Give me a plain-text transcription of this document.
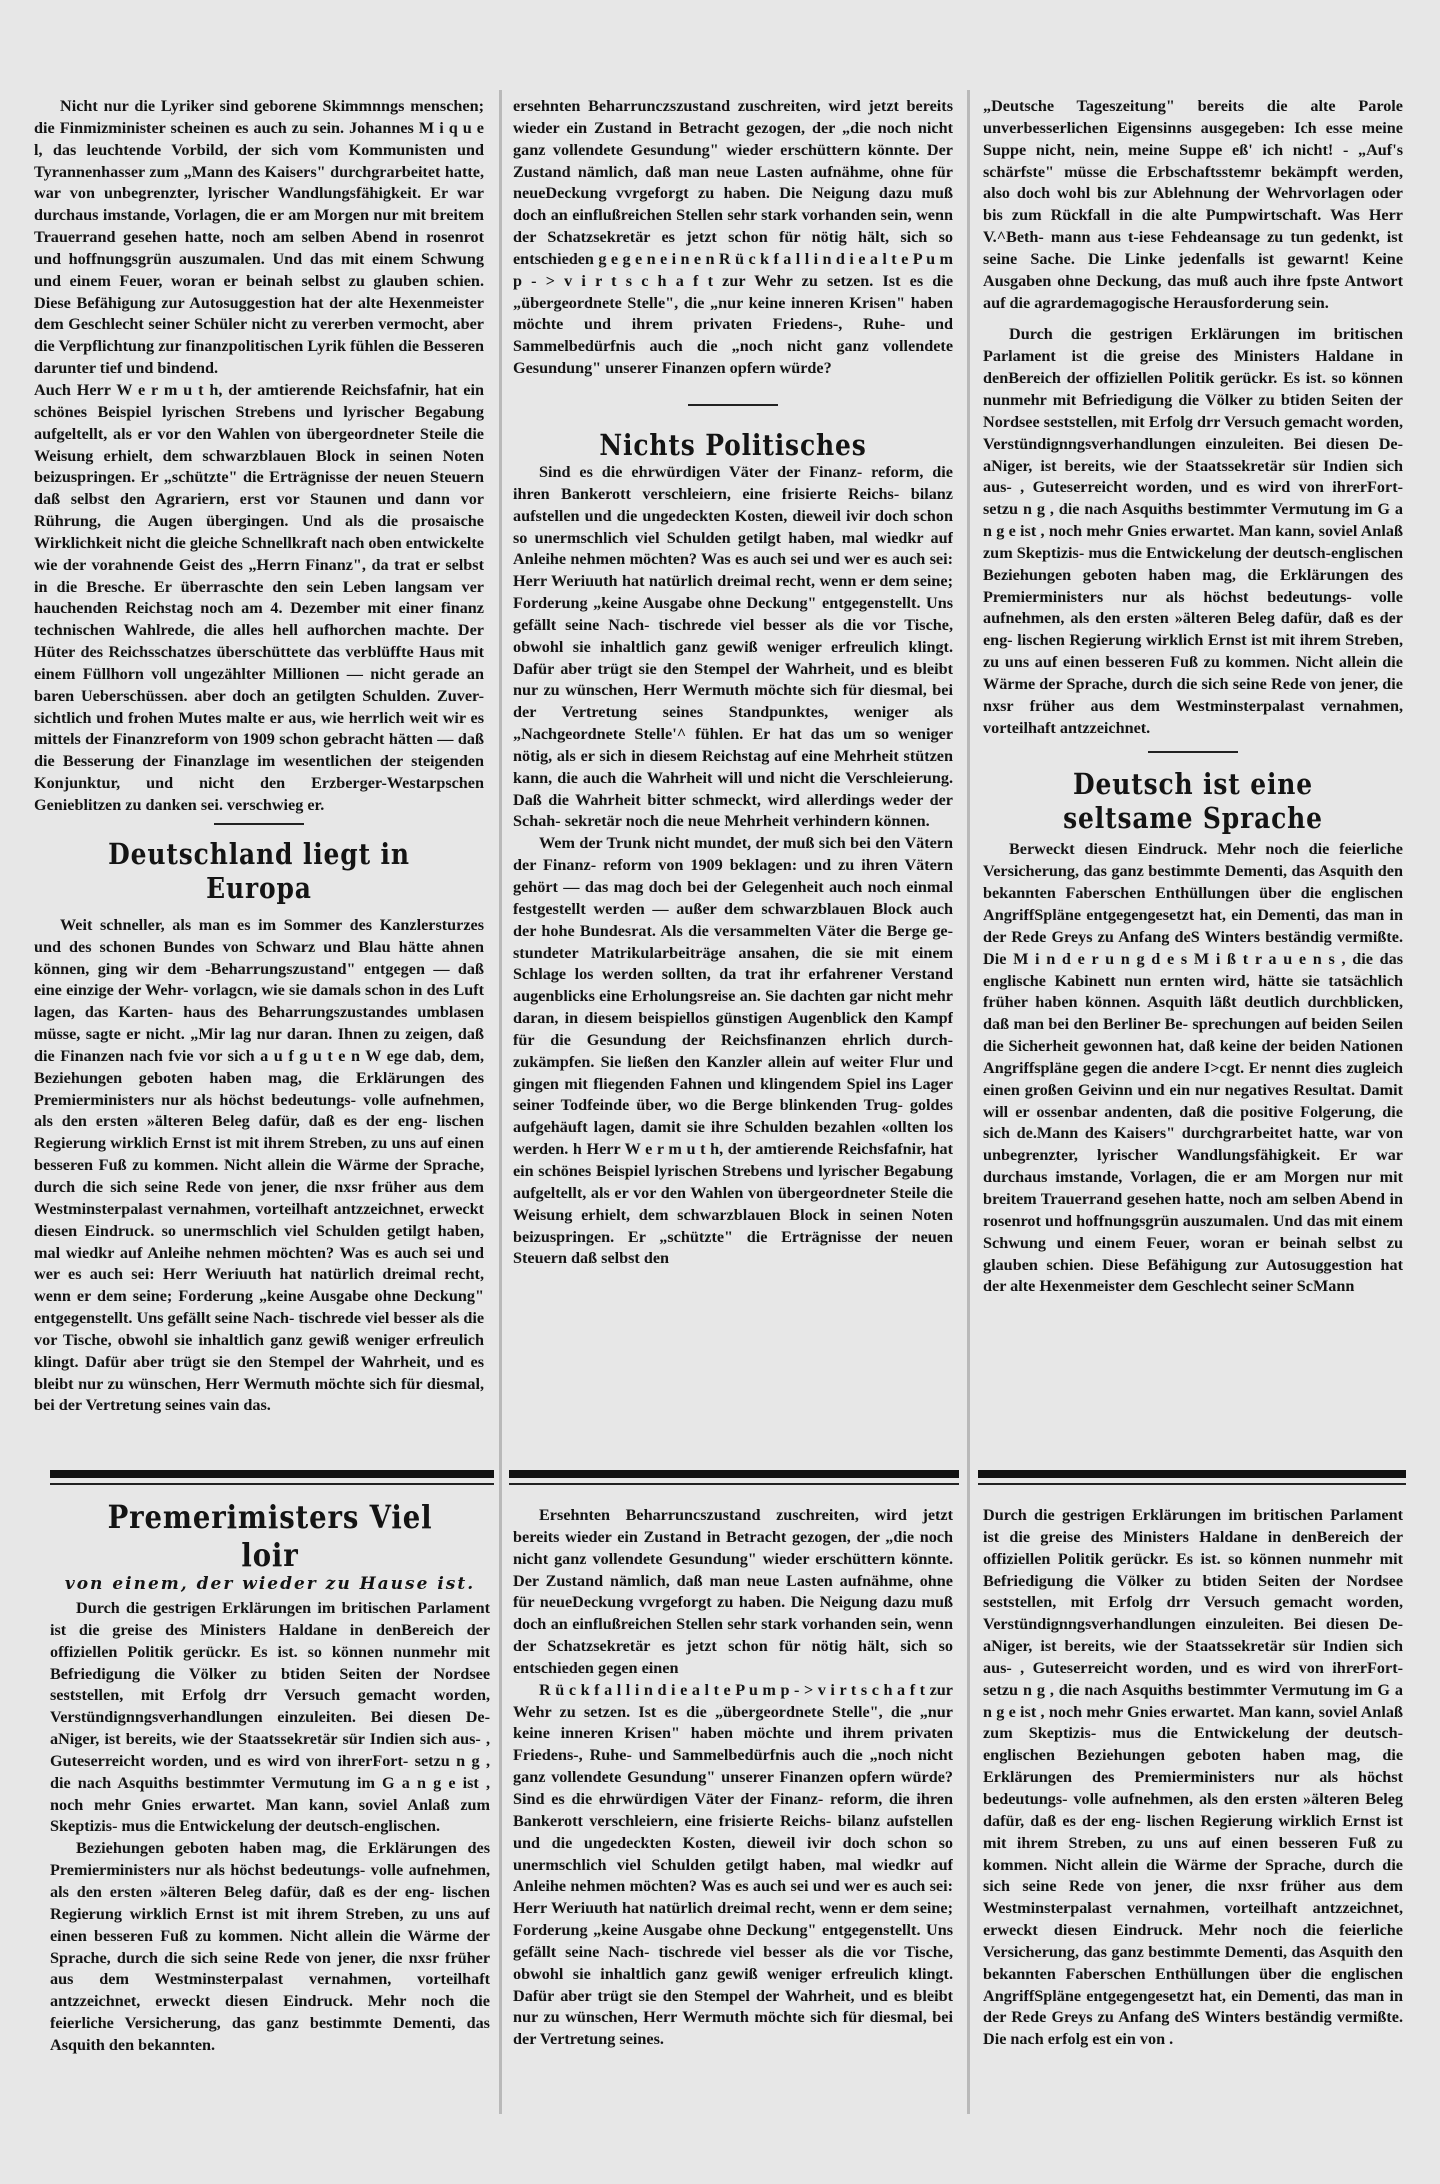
Nicht nur die Lyriker sind geborene Skimmnngs menschen; die Finmizminister scheinen es auch zu sein. Johannes M i q u e l, das leuchtende Vorbild, der sich vom Kommunisten und Tyrannenhasser zum „Mann des Kaisers" durchgrarbeitet hatte, war von unbegrenzter, lyrischer Wandlungsfähigkeit. Er war durchaus imstande, Vorlagen, die er am Morgen nur mit breitem Trauerrand gesehen hatte, noch am selben Abend in rosenrot und hoffnungsgrün auszumalen. Und das mit einem Schwung und einem Feuer, woran er beinah selbst zu glauben schien. Diese Befähigung zur Autosuggestion hat der alte Hexenmeister dem Geschlecht seiner Schüler nicht zu vererben vermocht, aber die Verpflichtung zur finanzpolitischen Lyrik fühlen die Besseren darunter tief und bindend.

Auch Herr W e r m u t h, der amtierende Reichsfafnir, hat ein schönes Beispiel lyrischen Strebens und lyrischer Begabung aufgeltellt, als er vor den Wahlen von übergeordneter Steile die Weisung erhielt, dem schwarzblauen Block in seinen Noten beizuspringen. Er „schützte" die Erträgnisse der neuen Steuern daß selbst den Agrariern, erst vor Staunen und dann vor Rührung, die Augen übergingen. Und als die prosaische Wirklichkeit nicht die gleiche Schnellkraft nach oben entwickelte wie der vorahnende Geist des „Herrn Finanz", da trat er selbst in die Bresche. Er überraschte den sein Leben langsam ver hauchenden Reichstag noch am 4. Dezember mit einer finanz technischen Wahlrede, die alles hell aufhorchen machte. Der Hüter des Reichsschatzes überschüttete das verblüffte Haus mit einem Füllhorn voll ungezählter Millionen — nicht gerade an baren Ueberschüssen. aber doch an getilgten Schulden. Zuver- sichtlich und frohen Mutes malte er aus, wie herrlich weit wir es mittels der Finanzreform von 1909 schon gebracht hätten — daß die Besserung der Finanzlage im wesentlichen der steigenden Konjunktur, und nicht den Erzberger-Westarpschen Genieblitzen zu danken sei. verschwieg er.

Deutschland liegt in Europa

Weit schneller, als man es im Sommer des Kanzlersturzes und des schonen Bundes von Schwarz und Blau hätte ahnen können, ging wir dem -Beharrungszustand" entgegen — daß eine einzige der Wehr- vorlagcn, wie sie damals schon in des Luft lagen, das Karten- haus des Beharrungszustandes umblasen müsse, sagte er nicht. „Mir lag nur daran. Ihnen zu zeigen, daß die Finanzen nach fvie vor sich a u f g u t e n W ege dab, dem, Beziehungen geboten haben mag, die Erklärungen des Premierministers nur als höchst bedeutungs- volle aufnehmen, als den ersten »älteren Beleg dafür, daß es der eng- lischen Regierung wirklich Ernst ist mit ihrem Streben, zu uns auf einen besseren Fuß zu kommen. Nicht allein die Wärme der Sprache, durch die sich seine Rede von jener, die nxsr früher aus dem Westminsterpalast vernahmen, vorteilhaft antzzeichnet, erweckt diesen Eindruck. so unermschlich viel Schulden getilgt haben, mal wiedkr auf Anleihe nehmen möchten? Was es auch sei und wer es auch sei: Herr Weriuuth hat natürlich dreimal recht, wenn er dem seine; Forderung „keine Ausgabe ohne Deckung" entgegenstellt. Uns gefällt seine Nach- tischrede viel besser als die vor Tische, obwohl sie inhaltlich ganz gewiß weniger erfreulich klingt. Dafür aber trügt sie den Stempel der Wahrheit, und es bleibt nur zu wünschen, Herr Wermuth möchte sich für diesmal, bei der Vertretung seines vain das.

ersehnten Beharrunczszustand zuschreiten, wird jetzt bereits wieder ein Zustand in Betracht gezogen, der „die noch nicht ganz vollendete Gesundung" wieder erschüttern könnte. Der Zustand nämlich, daß man neue Lasten aufnähme, ohne für neueDeckung vvrgeforgt zu haben. Die Neigung dazu muß doch an einflußreichen Stellen sehr stark vorhanden sein, wenn der Schatzsekretär es jetzt schon für nötig hält, sich so entschieden g e g e n e i n e n R ü c k f a l l i n d i e a l t e P u m p - > v i r t s c h a f t zur Wehr zu setzen. Ist es die „übergeordnete Stelle", die „nur keine inneren Krisen" haben möchte und ihrem privaten Friedens-, Ruhe- und Sammelbedürfnis auch die „noch nicht ganz vollendete Gesundung" unserer Finanzen opfern würde?

Nichts Politisches

Sind es die ehrwürdigen Väter der Finanz- reform, die ihren Bankerott verschleiern, eine frisierte Reichs- bilanz aufstellen und die ungedeckten Kosten, dieweil ivir doch schon so unermschlich viel Schulden getilgt haben, mal wiedkr auf Anleihe nehmen möchten? Was es auch sei und wer es auch sei: Herr Weriuuth hat natürlich dreimal recht, wenn er dem seine; Forderung „keine Ausgabe ohne Deckung" entgegenstellt. Uns gefällt seine Nach- tischrede viel besser als die vor Tische, obwohl sie inhaltlich ganz gewiß weniger erfreulich klingt. Dafür aber trügt sie den Stempel der Wahrheit, und es bleibt nur zu wünschen, Herr Wermuth möchte sich für diesmal, bei der Vertretung seines Standpunktes, weniger als „Nachgeordnete Stelle'^ fühlen. Er hat das um so weniger nötig, als er sich in diesem Reichstag auf eine Mehrheit stützen kann, die auch die Wahrheit will und nicht die Verschleierung. Daß die Wahrheit bitter schmeckt, wird allerdings weder der Schah- sekretär noch die neue Mehrheit verhindern können.

Wem der Trunk nicht mundet, der muß sich bei den Vätern der Finanz- reform von 1909 beklagen: und zu ihren Vätern gehört — das mag doch bei der Gelegenheit auch noch einmal festgestellt werden — außer dem schwarzblauen Block auch der hohe Bundesrat. Als die versammelten Väter die Berge ge- stundeter Matrikularbeiträge ansahen, die sie mit einem Schlage los werden sollten, da trat ihr erfahrener Verstand augenblicks eine Erholungsreise an. Sie dachten gar nicht mehr daran, in diesem beispiellos günstigen Augenblick den Kampf für die Gesundung der Reichsfinanzen ehrlich durch- zukämpfen. Sie ließen den Kanzler allein auf weiter Flur und gingen mit fliegenden Fahnen und klingendem Spiel ins Lager seiner Todfeinde über, wo die Berge blinkenden Trug- goldes aufgehäuft lagen, damit sie ihre Schulden bezahlen «ollten los werden. h Herr W e r m u t h, der amtierende Reichsfafnir, hat ein schönes Beispiel lyrischen Strebens und lyrischer Begabung aufgeltellt, als er vor den Wahlen von übergeordneter Steile die Weisung erhielt, dem schwarzblauen Block in seinen Noten beizuspringen. Er „schützte" die Erträgnisse der neuen Steuern daß selbst den

„Deutsche Tageszeitung" bereits die alte Parole unverbesserlichen Eigensinns ausgegeben: Ich esse meine Suppe nicht, nein, meine Suppe eß' ich nicht! - „Auf's schärfste" müsse die Erbschaftsstemr bekämpft werden, also doch wohl bis zur Ablehnung der Wehrvorlagen oder bis zum Rückfall in die alte Pumpwirtschaft. Was Herr V.^Beth- mann aus t-iese Fehdeansage zu tun gedenkt, ist seine Sache. Die Linke jedenfalls ist gewarnt! Keine Ausgaben ohne Deckung, das muß auch ihre fpste Antwort auf die agrardemagogische Herausforderung sein.

Durch die gestrigen Erklärungen im britischen Parlament ist die greise des Ministers Haldane in denBereich der offiziellen Politik gerückr. Es ist. so können nunmehr mit Befriedigung die Völker zu btiden Seiten der Nordsee seststellen, mit Erfolg drr Versuch gemacht worden, Verstündignngsverhandlungen einzuleiten. Bei diesen De- aNiger, ist bereits, wie der Staatssekretär sür Indien sich aus- , Guteserreicht worden, und es wird von ihrerFort- setzu n g , die nach Asquiths bestimmter Vermutung im G a n g e ist , noch mehr Gnies erwartet. Man kann, soviel Anlaß zum Skeptizis- mus die Entwickelung der deutsch-englischen Beziehungen geboten haben mag, die Erklärungen des Premierministers nur als höchst bedeutungs- volle aufnehmen, als den ersten »älteren Beleg dafür, daß es der eng- lischen Regierung wirklich Ernst ist mit ihrem Streben, zu uns auf einen besseren Fuß zu kommen. Nicht allein die Wärme der Sprache, durch die sich seine Rede von jener, die nxsr früher aus dem Westminsterpalast vernahmen, vorteilhaft antzzeichnet.

Deutsch ist eine seltsame Sprache

Berweckt diesen Eindruck. Mehr noch die feierliche Versicherung, das ganz bestimmte Dementi, das Asquith den bekannten Faberschen Enthüllungen über die englischen AngriffSpläne entgegengesetzt hat, ein Dementi, das man in der Rede Greys zu Anfang deS Winters beständig vermißte. Die M i n d e r u n g d e s M i ß t r a u e n s , die das englische Kabinett nun ernten wird, hätte sie tatsächlich früher haben können. Asquith läßt deutlich durchblicken, daß man bei den Berliner Be- sprechungen auf beiden Seilen die Sicherheit gewonnen hat, daß keine der beiden Nationen Angriffspläne gegen die andere I>cgt. Er nennt dies zugleich einen großen Geivinn und ein nur negatives Resultat. Damit will er ossenbar andenten, daß die positive Folgerung, die sich de.Mann des Kaisers" durchgrarbeitet hatte, war von unbegrenzter, lyrischer Wandlungsfähigkeit. Er war durchaus imstande, Vorlagen, die er am Morgen nur mit breitem Trauerrand gesehen hatte, noch am selben Abend in rosenrot und hoffnungsgrün auszumalen. Und das mit einem Schwung und einem Feuer, woran er beinah selbst zu glauben schien. Diese Befähigung zur Autosuggestion hat der alte Hexenmeister dem Geschlecht seiner ScMann

Premerimisters Viel loir
von einem, der wieder zu Hause ist.

Durch die gestrigen Erklärungen im britischen Parlament ist die greise des Ministers Haldane in denBereich der offiziellen Politik gerückr. Es ist. so können nunmehr mit Befriedigung die Völker zu btiden Seiten der Nordsee seststellen, mit Erfolg drr Versuch gemacht worden, Verstündignngsverhandlungen einzuleiten. Bei diesen De- aNiger, ist bereits, wie der Staatssekretär sür Indien sich aus- , Guteserreicht worden, und es wird von ihrerFort- setzu n g , die nach Asquiths bestimmter Vermutung im G a n g e ist , noch mehr Gnies erwartet. Man kann, soviel Anlaß zum Skeptizis- mus die Entwickelung der deutsch-englischen.

Beziehungen geboten haben mag, die Erklärungen des Premierministers nur als höchst bedeutungs- volle aufnehmen, als den ersten »älteren Beleg dafür, daß es der eng- lischen Regierung wirklich Ernst ist mit ihrem Streben, zu uns auf einen besseren Fuß zu kommen. Nicht allein die Wärme der Sprache, durch die sich seine Rede von jener, die nxsr früher aus dem Westminsterpalast vernahmen, vorteilhaft antzzeichnet, erweckt diesen Eindruck. Mehr noch die feierliche Versicherung, das ganz bestimmte Dementi, das Asquith den bekannten.

Ersehnten Beharruncszustand zuschreiten, wird jetzt bereits wieder ein Zustand in Betracht gezogen, der „die noch nicht ganz vollendete Gesundung" wieder erschüttern könnte. Der Zustand nämlich, daß man neue Lasten aufnähme, ohne für neueDeckung vvrgeforgt zu haben. Die Neigung dazu muß doch an einflußreichen Stellen sehr stark vorhanden sein, wenn der Schatzsekretär es jetzt schon für nötig hält, sich so entschieden gegen einen

R ü c k f a l l i n d i e a l t e P u m p - > v i r t s c h a f t zur Wehr zu setzen. Ist es die „übergeordnete Stelle", die „nur keine inneren Krisen" haben möchte und ihrem privaten Friedens-, Ruhe- und Sammelbedürfnis auch die „noch nicht ganz vollendete Gesundung" unserer Finanzen opfern würde? Sind es die ehrwürdigen Väter der Finanz- reform, die ihren Bankerott verschleiern, eine frisierte Reichs- bilanz aufstellen und die ungedeckten Kosten, dieweil ivir doch schon so unermschlich viel Schulden getilgt haben, mal wiedkr auf Anleihe nehmen möchten? Was es auch sei und wer es auch sei: Herr Weriuuth hat natürlich dreimal recht, wenn er dem seine; Forderung „keine Ausgabe ohne Deckung" entgegenstellt. Uns gefällt seine Nach- tischrede viel besser als die vor Tische, obwohl sie inhaltlich ganz gewiß weniger erfreulich klingt. Dafür aber trügt sie den Stempel der Wahrheit, und es bleibt nur zu wünschen, Herr Wermuth möchte sich für diesmal, bei der Vertretung seines.

Durch die gestrigen Erklärungen im britischen Parlament ist die greise des Ministers Haldane in denBereich der offiziellen Politik gerückr. Es ist. so können nunmehr mit Befriedigung die Völker zu btiden Seiten der Nordsee seststellen, mit Erfolg drr Versuch gemacht worden, Verstündignngsverhandlungen einzuleiten. Bei diesen De- aNiger, ist bereits, wie der Staatssekretär sür Indien sich aus- , Guteserreicht worden, und es wird von ihrerFort- setzu n g , die nach Asquiths bestimmter Vermutung im G a n g e ist , noch mehr Gnies erwartet. Man kann, soviel Anlaß zum Skeptizis- mus die Entwickelung der deutsch- englischen Beziehungen geboten haben mag, die Erklärungen des Premierministers nur als höchst bedeutungs- volle aufnehmen, als den ersten »älteren Beleg dafür, daß es der eng- lischen Regierung wirklich Ernst ist mit ihrem Streben, zu uns auf einen besseren Fuß zu kommen. Nicht allein die Wärme der Sprache, durch die sich seine Rede von jener, die nxsr früher aus dem Westminsterpalast vernahmen, vorteilhaft antzzeichnet, erweckt diesen Eindruck. Mehr noch die feierliche Versicherung, das ganz bestimmte Dementi, das Asquith den bekannten Faberschen Enthüllungen über die englischen AngriffSpläne entgegengesetzt hat, ein Dementi, das man in der Rede Greys zu Anfang deS Winters beständig vermißte. Die nach erfolg est ein von .
